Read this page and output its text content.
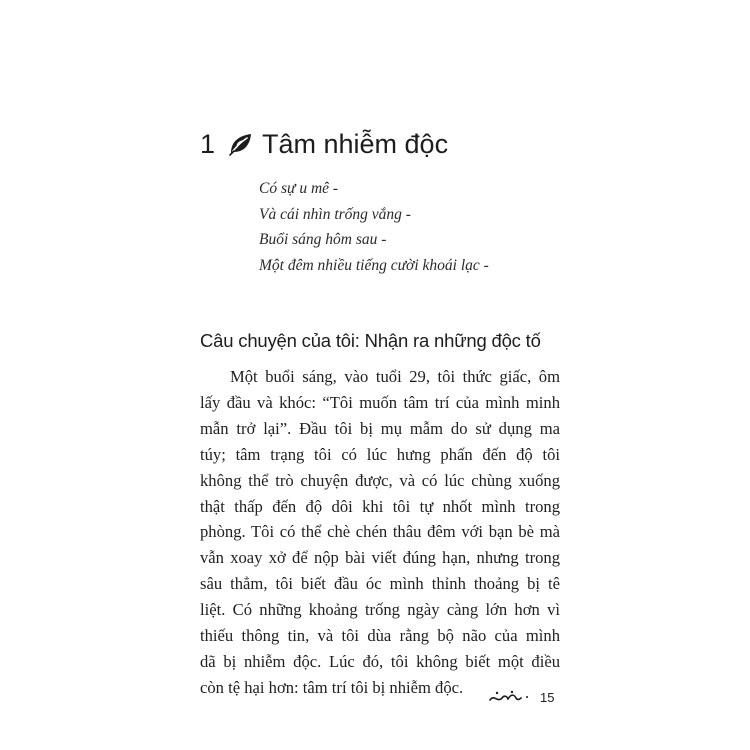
1	Tâm nhiễm độc
Có sự u mê -
Và cái nhìn trống vắng -
Buổi sáng hôm sau -
Một đêm nhiều tiếng cười khoái lạc -
Câu chuyện của tôi: Nhận ra những độc tố
Một buổi sáng, vào tuổi 29, tôi thức giấc, ôm
lấy đầu và khóc: “Tôi muốn tâm trí của mình minh
mẫn trở lại”. Đầu tôi bị mụ mẫm do sử dụng ma
túy; tâm trạng tôi có lúc hưng phấn đến độ tôi
không thể trò chuyện được, và có lúc chùng xuống
thật thấp đến độ dôi khi tôi tự nhốt mình trong
phòng. Tôi có thể chè chén thâu đêm với bạn bè mà
vẫn xoay xở để nộp bài viết đúng hạn, nhưng trong
sâu thẳm, tôi biết đầu óc mình thỉnh thoảng bị tê
liệt. Có những khoảng trống ngày càng lớn hơn vì
thiếu thông tin, và tôi dùa rằng bộ não của mình
dã bị nhiễm độc. Lúc đó, tôi không biết một điều
còn tệ hại hơn: tâm trí tôi bị nhiễm độc.
15
